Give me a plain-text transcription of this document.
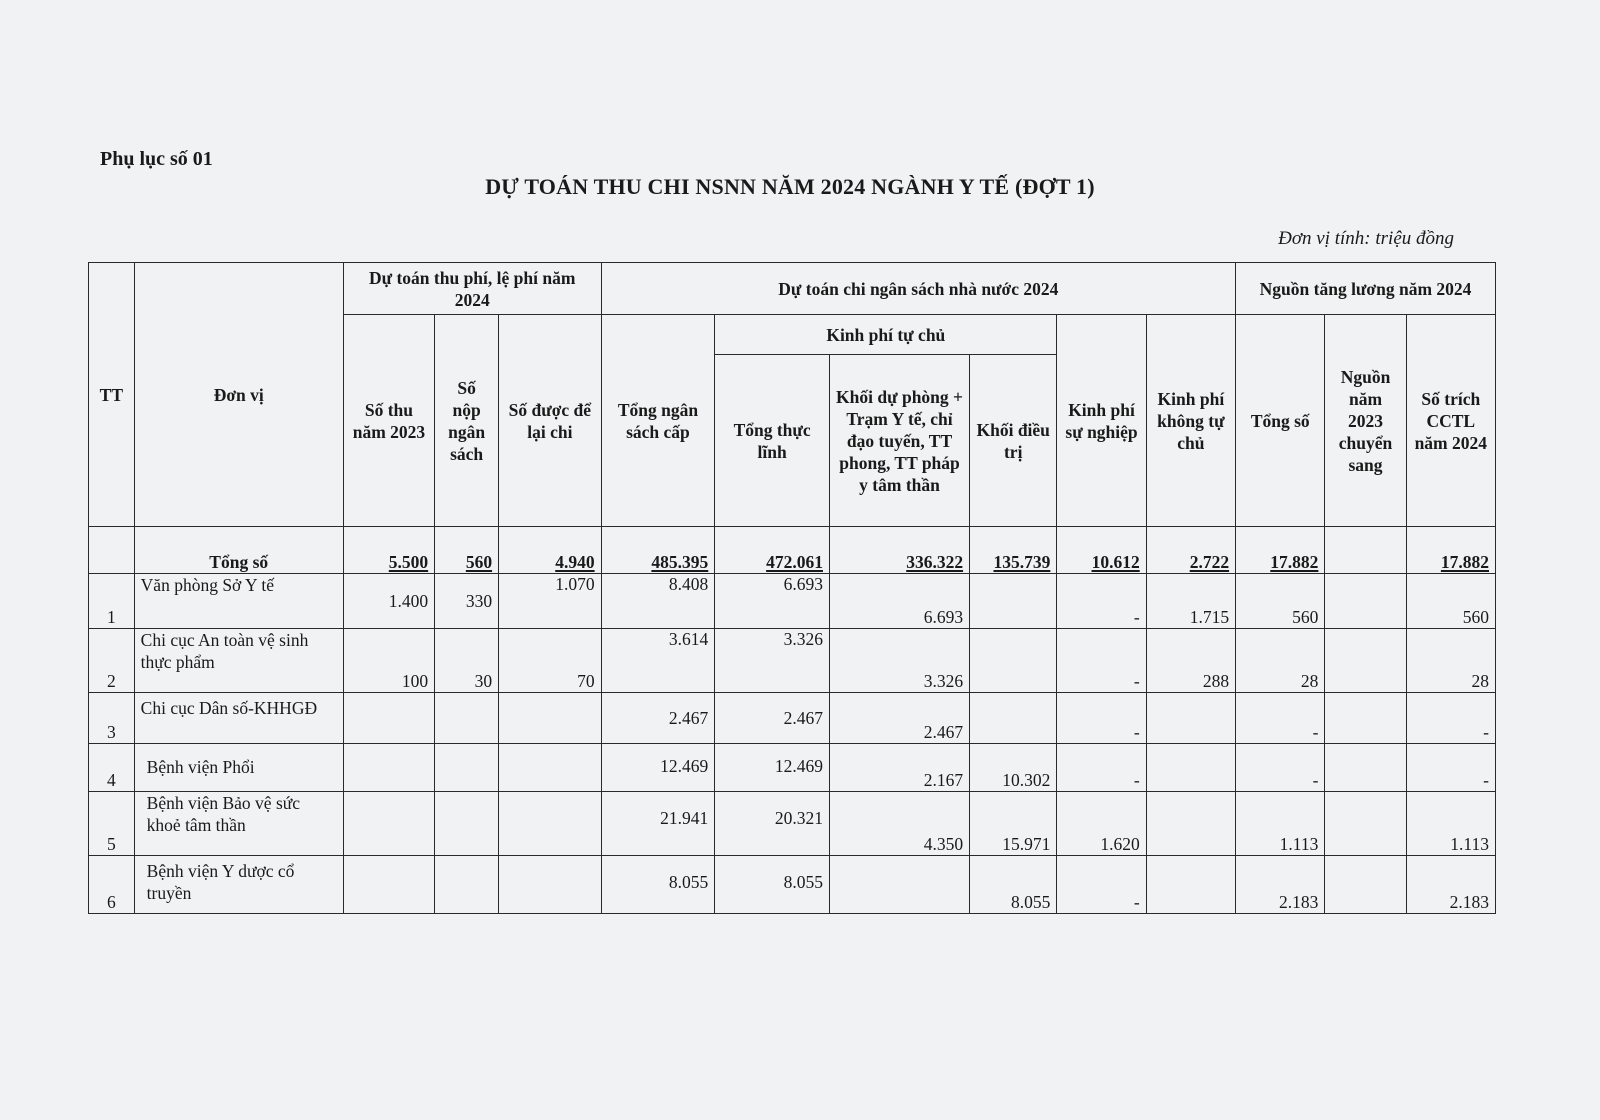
Phụ lục số 01
DỰ TOÁN THU CHI NSNN NĂM 2024 NGÀNH Y TẾ (ĐỢT 1)
Đơn vị tính: triệu đồng
TT	Đơn vị	Dự toán thu phí, lệ phí năm 2024			Dự toán chi ngân sách nhà nước 2024						Nguồn tăng lương năm 2024		
		Số thu năm 2023	Số nộp ngân sách	Số được để lại chi	Tổng ngân sách cấp	Kinh phí tự chủ			Kinh phí sự nghiệp	Kinh phí không tự chủ	Tổng số	Nguồn năm 2023 chuyển sang	Số trích CCTL năm 2024
						Tổng thực lĩnh	Khối dự phòng + Trạm Y tế, chỉ đạo tuyến, TT phong, TT pháp y tâm thần	Khối điều trị					
	Tổng số	5.500	560	4.940	485.395	472.061	336.322	135.739	10.612	2.722	17.882		17.882
1	Văn phòng Sở Y tế	1.400	330	1.070	8.408	6.693	6.693		-	1.715	560		560
2	Chi cục An toàn vệ sinh thực phẩm	100	30	70	3.614	3.326	3.326		-	288	28		28
3	Chi cục Dân số-KHHGĐ				2.467	2.467	2.467		-		-		-
4	Bệnh viện Phổi				12.469	12.469	2.167	10.302	-		-		-
5	Bệnh viện Bảo vệ sức khoẻ tâm thần				21.941	20.321	4.350	15.971	1.620		1.113		1.113
6	Bệnh viện Y dược cổ truyền				8.055	8.055		8.055	-		2.183		2.183
